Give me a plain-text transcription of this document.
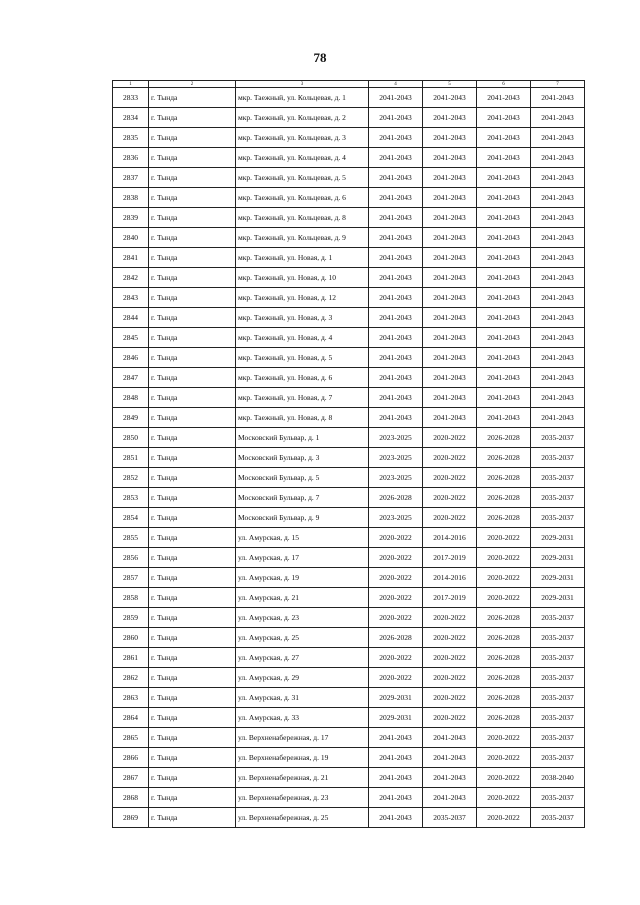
78
1	2	3	4	5	6	7
2833	г. Тында	мкр. Таежный, ул. Кольцевая, д. 1	2041-2043	2041-2043	2041-2043	2041-2043
2834	г. Тында	мкр. Таежный, ул. Кольцевая, д. 2	2041-2043	2041-2043	2041-2043	2041-2043
2835	г. Тында	мкр. Таежный, ул. Кольцевая, д. 3	2041-2043	2041-2043	2041-2043	2041-2043
2836	г. Тында	мкр. Таежный, ул. Кольцевая, д. 4	2041-2043	2041-2043	2041-2043	2041-2043
2837	г. Тында	мкр. Таежный, ул. Кольцевая, д. 5	2041-2043	2041-2043	2041-2043	2041-2043
2838	г. Тында	мкр. Таежный, ул. Кольцевая, д. 6	2041-2043	2041-2043	2041-2043	2041-2043
2839	г. Тында	мкр. Таежный, ул. Кольцевая, д. 8	2041-2043	2041-2043	2041-2043	2041-2043
2840	г. Тында	мкр. Таежный, ул. Кольцевая, д. 9	2041-2043	2041-2043	2041-2043	2041-2043
2841	г. Тында	мкр. Таежный, ул. Новая, д. 1	2041-2043	2041-2043	2041-2043	2041-2043
2842	г. Тында	мкр. Таежный, ул. Новая, д. 10	2041-2043	2041-2043	2041-2043	2041-2043
2843	г. Тында	мкр. Таежный, ул. Новая, д. 12	2041-2043	2041-2043	2041-2043	2041-2043
2844	г. Тында	мкр. Таежный, ул. Новая, д. 3	2041-2043	2041-2043	2041-2043	2041-2043
2845	г. Тында	мкр. Таежный, ул. Новая, д. 4	2041-2043	2041-2043	2041-2043	2041-2043
2846	г. Тында	мкр. Таежный, ул. Новая, д. 5	2041-2043	2041-2043	2041-2043	2041-2043
2847	г. Тында	мкр. Таежный, ул. Новая, д. 6	2041-2043	2041-2043	2041-2043	2041-2043
2848	г. Тында	мкр. Таежный, ул. Новая, д. 7	2041-2043	2041-2043	2041-2043	2041-2043
2849	г. Тында	мкр. Таежный, ул. Новая, д. 8	2041-2043	2041-2043	2041-2043	2041-2043
2850	г. Тында	Московский Бульвар, д. 1	2023-2025	2020-2022	2026-2028	2035-2037
2851	г. Тында	Московский Бульвар, д. 3	2023-2025	2020-2022	2026-2028	2035-2037
2852	г. Тында	Московский Бульвар, д. 5	2023-2025	2020-2022	2026-2028	2035-2037
2853	г. Тында	Московский Бульвар, д. 7	2026-2028	2020-2022	2026-2028	2035-2037
2854	г. Тында	Московский Бульвар, д. 9	2023-2025	2020-2022	2026-2028	2035-2037
2855	г. Тында	ул. Амурская, д. 15	2020-2022	2014-2016	2020-2022	2029-2031
2856	г. Тында	ул. Амурская, д. 17	2020-2022	2017-2019	2020-2022	2029-2031
2857	г. Тында	ул. Амурская, д. 19	2020-2022	2014-2016	2020-2022	2029-2031
2858	г. Тында	ул. Амурская, д. 21	2020-2022	2017-2019	2020-2022	2029-2031
2859	г. Тында	ул. Амурская, д. 23	2020-2022	2020-2022	2026-2028	2035-2037
2860	г. Тында	ул. Амурская, д. 25	2026-2028	2020-2022	2026-2028	2035-2037
2861	г. Тында	ул. Амурская, д. 27	2020-2022	2020-2022	2026-2028	2035-2037
2862	г. Тында	ул. Амурская, д. 29	2020-2022	2020-2022	2026-2028	2035-2037
2863	г. Тында	ул. Амурская, д. 31	2029-2031	2020-2022	2026-2028	2035-2037
2864	г. Тында	ул. Амурская, д. 33	2029-2031	2020-2022	2026-2028	2035-2037
2865	г. Тында	ул. Верхненабережная, д. 17	2041-2043	2041-2043	2020-2022	2035-2037
2866	г. Тында	ул. Верхненабережная, д. 19	2041-2043	2041-2043	2020-2022	2035-2037
2867	г. Тында	ул. Верхненабережная, д. 21	2041-2043	2041-2043	2020-2022	2038-2040
2868	г. Тында	ул. Верхненабережная, д. 23	2041-2043	2041-2043	2020-2022	2035-2037
2869	г. Тында	ул. Верхненабережная, д. 25	2041-2043	2035-2037	2020-2022	2035-2037
